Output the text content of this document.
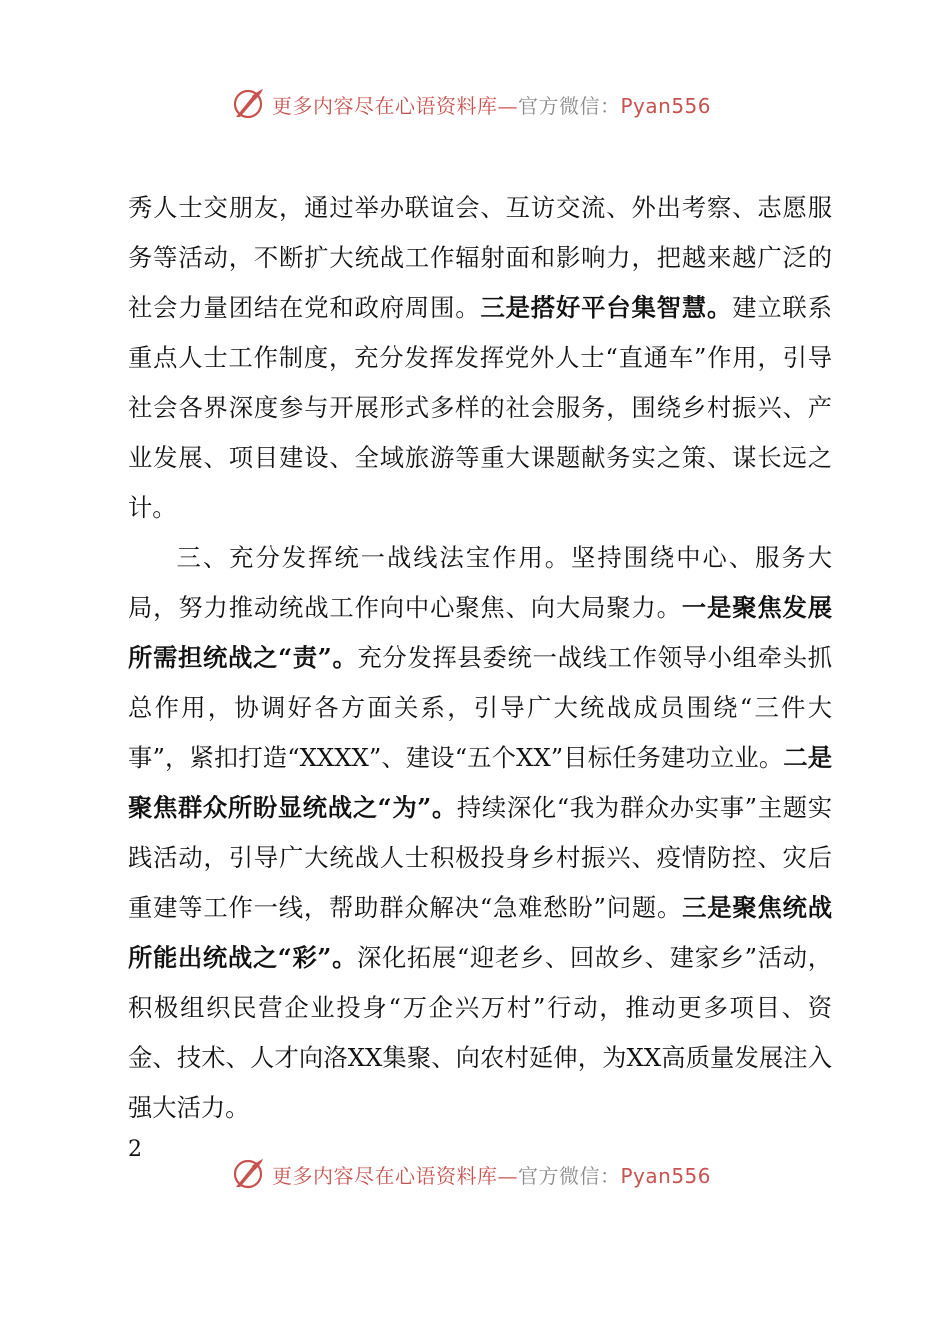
更多内容尽在心语资料库—官方微信：Pyan556

秀人士交朋友，通过举办联谊会、互访交流、外出考察、志愿服务等活动，不断扩大统战工作辐射面和影响力，把越来越广泛的社会力量团结在党和政府周围。三是搭好平台集智慧。建立联系重点人士工作制度，充分发挥发挥党外人士“直通车”作用，引导社会各界深度参与开展形式多样的社会服务，围绕乡村振兴、产业发展、项目建设、全域旅游等重大课题献务实之策、谋长远之计。

三、充分发挥统一战线法宝作用。坚持围绕中心、服务大局，努力推动统战工作向中心聚焦、向大局聚力。一是聚焦发展所需担统战之“责”。充分发挥县委统一战线工作领导小组牵头抓总作用，协调好各方面关系，引导广大统战成员围绕“三件大事”，紧扣打造“XXXX”、建设“五个XX”目标任务建功立业。二是聚焦群众所盼显统战之“为”。持续深化“我为群众办实事”主题实践活动，引导广大统战人士积极投身乡村振兴、疫情防控、灾后重建等工作一线，帮助群众解决“急难愁盼”问题。三是聚焦统战所能出统战之“彩”。深化拓展“迎老乡、回故乡、建家乡”活动，积极组织民营企业投身“万企兴万村”行动，推动更多项目、资金、技术、人才向洛XX集聚、向农村延伸，为XX高质量发展注入强大活力。

2
更多内容尽在心语资料库—官方微信：Pyan556
